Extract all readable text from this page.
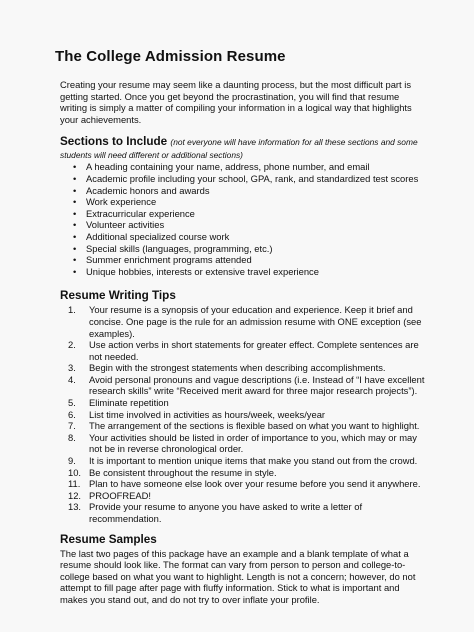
The College Admission Resume

Creating your resume may seem like a daunting process, but the most difficult part is getting started. Once you get beyond the procrastination, you will find that resume writing is simply a matter of compiling your information in a logical way that highlights your achievements.

Sections to Include (not everyone will have information for all these sections and some
students will need different or additional sections)
• A heading containing your name, address, phone number, and email
• Academic profile including your school, GPA, rank, and standardized test scores
• Academic honors and awards
• Work experience
• Extracurricular experience
• Volunteer activities
• Additional specialized course work
• Special skills (languages, programming, etc.)
• Summer enrichment programs attended
• Unique hobbies, interests or extensive travel experience
Resume Writing Tips
1. Your resume is a synopsis of your education and experience. Keep it brief and concise. One page is the rule for an admission resume with ONE exception (see examples).
2. Use action verbs in short statements for greater effect. Complete sentences are not needed.
3. Begin with the strongest statements when describing accomplishments.
4. Avoid personal pronouns and vague descriptions (i.e. Instead of “I have excellent research skills” write “Received merit award for three major research projects”).
5. Eliminate repetition
6. List time involved in activities as hours/week, weeks/year
7. The arrangement of the sections is flexible based on what you want to highlight.
8. Your activities should be listed in order of importance to you, which may or may not be in reverse chronological order.
9. It is important to mention unique items that make you stand out from the crowd.
10. Be consistent throughout the resume in style.
11. Plan to have someone else look over your resume before you send it anywhere.
12. PROOFREAD!
13. Provide your resume to anyone you have asked to write a letter of recommendation.
Resume Samples

The last two pages of this package have an example and a blank template of what a resume should look like. The format can vary from person to person and college-to-college based on what you want to highlight. Length is not a concern; however, do not attempt to fill page after page with fluffy information. Stick to what is important and makes you stand out, and do not try to over inflate your profile.
